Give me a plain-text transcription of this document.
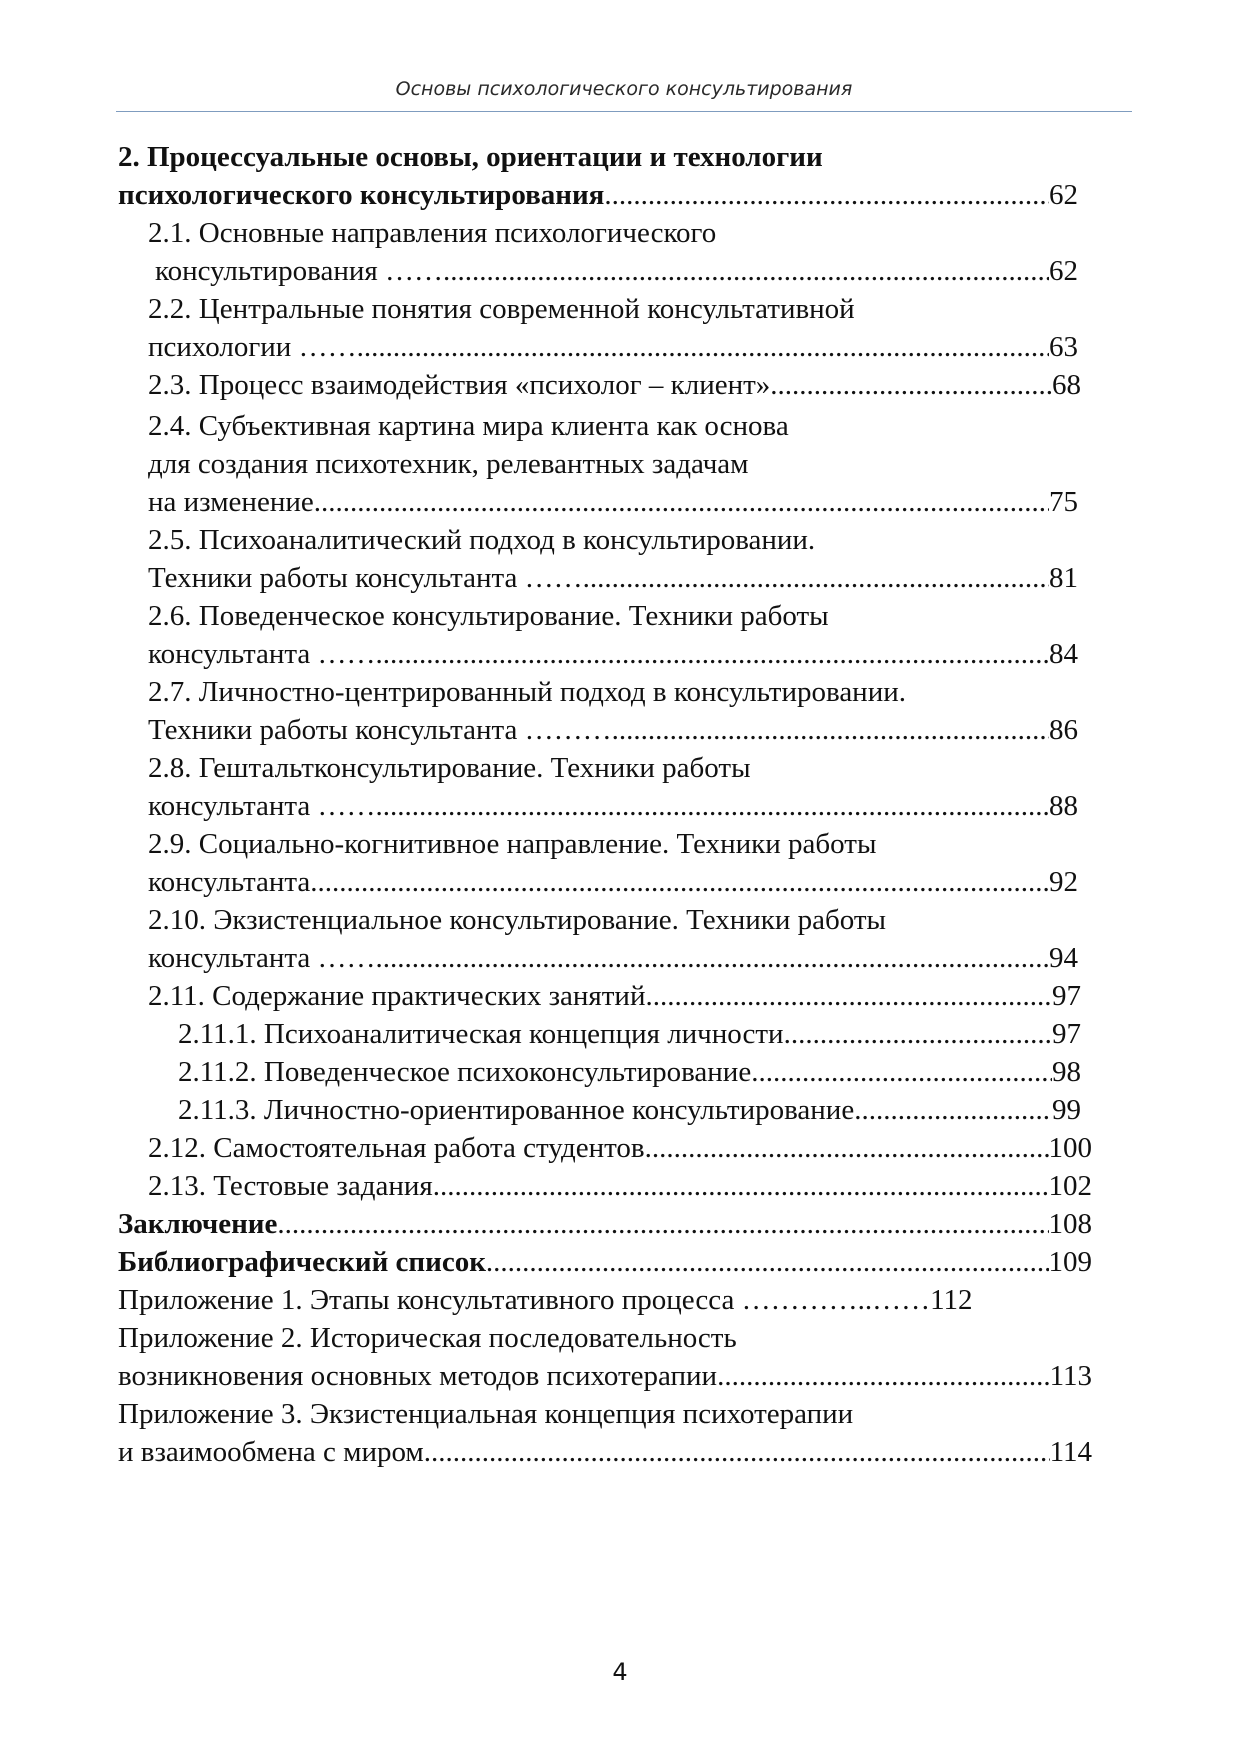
Основы психологического консультирования
2. Процессуальные основы, ориентации и технологии
психологического консультирования .....	62
2.1. Основные направления психологического
консультирования …… .....	62
2.2. Центральные понятия современной консультативной
психологии …… .....	63
2.3. Процесс взаимодействия «психолог – клиент». .....	68
2.4. Субъективная картина мира клиента как основа
для создания психотехник, релевантных задачам
на изменение .....	75
2.5. Психоаналитический подход в консультировании.
Техники работы консультанта …… .....	81
2.6. Поведенческое консультирование. Техники работы
консультанта …… .....	84
2.7. Личностно-центрированный подход в консультировании.
Техники работы консультанта ……… .....	86
2.8. Гештальтконсультирование. Техники работы
консультанта …… .....	88
2.9. Социально-когнитивное направление. Техники работы
консультанта .....	92
2.10. Экзистенциальное консультирование. Техники работы
консультанта …… .....	94
2.11. Содержание практических занятий .....	97
2.11.1. Психоаналитическая концепция личности .....	97
2.11.2. Поведенческое психоконсультирование .....	98
2.11.3. Личностно-ориентированное консультирование .....	99
2.12. Самостоятельная работа студентов .....	100
2.13. Тестовые задания .....	102
Заключение .....	108
Библиографический список .....	109
Приложение 1. Этапы консультативного процесса …………..…… 112
Приложение 2. Историческая последовательность
возникновения основных методов психотерапии .....	113
Приложение 3. Экзистенциальная концепция психотерапии
и взаимообмена с миром .....	114
4
